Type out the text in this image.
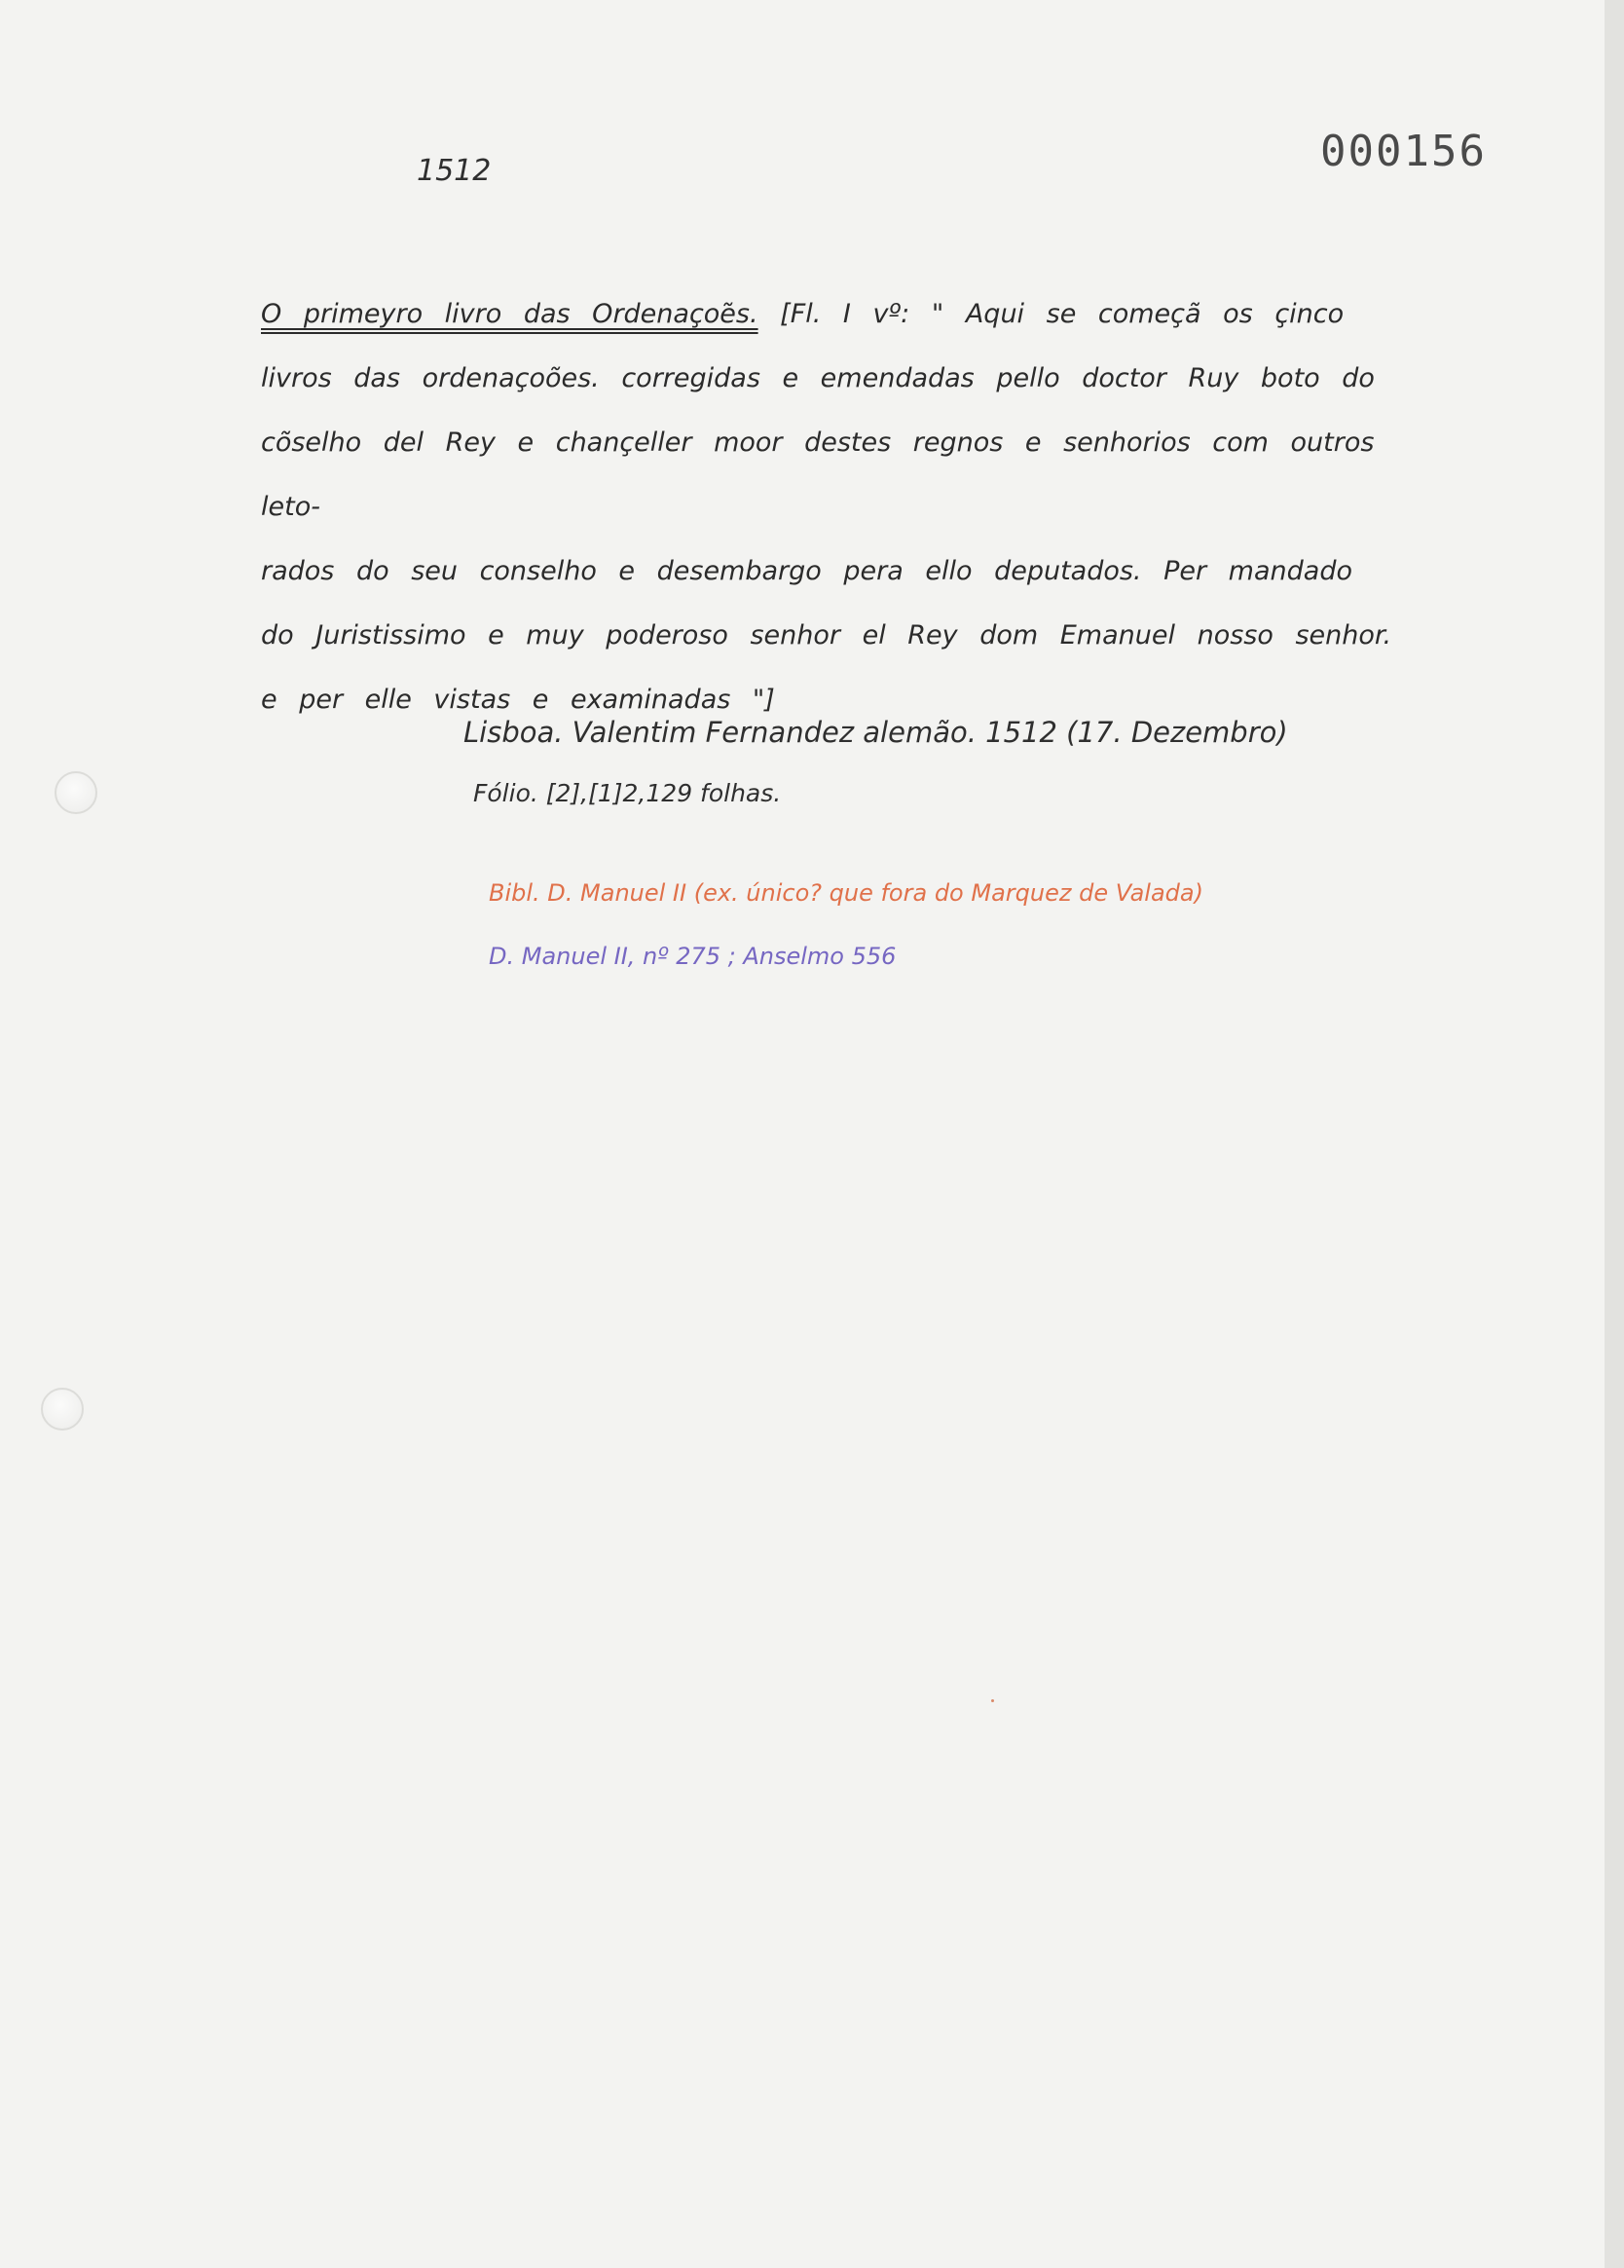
1512	000156
O primeyro livro das Ordenaçoẽs. [Fl. I vº: " Aqui se começã os çinco
livros das ordenaçoões. corregidas e emendadas pello doctor Ruy boto do
cõselho del Rey e chançeller moor destes regnos e senhorios com outros leto-
rados do seu conselho e desembargo pera ello deputados. Per mandado
do Juristissimo e muy poderoso senhor el Rey dom Emanuel nosso senhor.
e per elle vistas e examinadas "]
Lisboa. Valentim Fernandez alemão. 1512 (17. Dezembro)
Fólio. [2],[1]2,129 folhas.
Bibl. D. Manuel II (ex. único? que fora do Marquez de Valada)
D. Manuel II, nº 275 ; Anselmo 556
